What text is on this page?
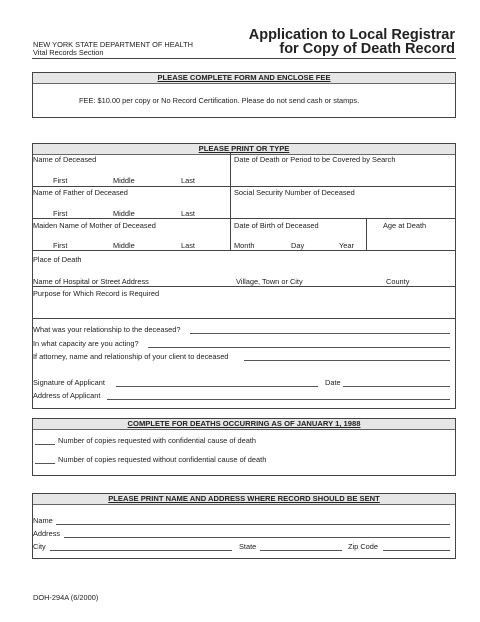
NEW YORK STATE DEPARTMENT OF HEALTH
Vital Records Section
Application to Local Registrar
for Copy of Death Record
PLEASE COMPLETE FORM AND ENCLOSE FEE
FEE: $10.00 per copy or No Record Certification. Please do not send cash or stamps.
PLEASE PRINT OR TYPE
Name of Deceased	Date of Death or Period to be Covered by Search
First	Middle	Last
Name of Father of Deceased	Social Security Number of Deceased
First	Middle	Last
Maiden Name of Mother of Deceased	Date of Birth of Deceased	Age at Death
First	Middle	Last	Month	Day	Year
Place of Death
Name of Hospital or Street Address	Village, Town or City	County
Purpose for Which Record is Required
What was your relationship to the deceased?
In what capacity are you acting?
If attorney, name and relationship of your client to deceased
Signature of Applicant	Date
Address of Applicant
COMPLETE FOR DEATHS OCCURRING AS OF JANUARY 1, 1988
Number of copies requested with confidential cause of death
Number of copies requested without confidential cause of death
PLEASE PRINT NAME AND ADDRESS WHERE RECORD SHOULD BE SENT
Name
Address
City	State	Zip Code
DOH-294A (6/2000)
